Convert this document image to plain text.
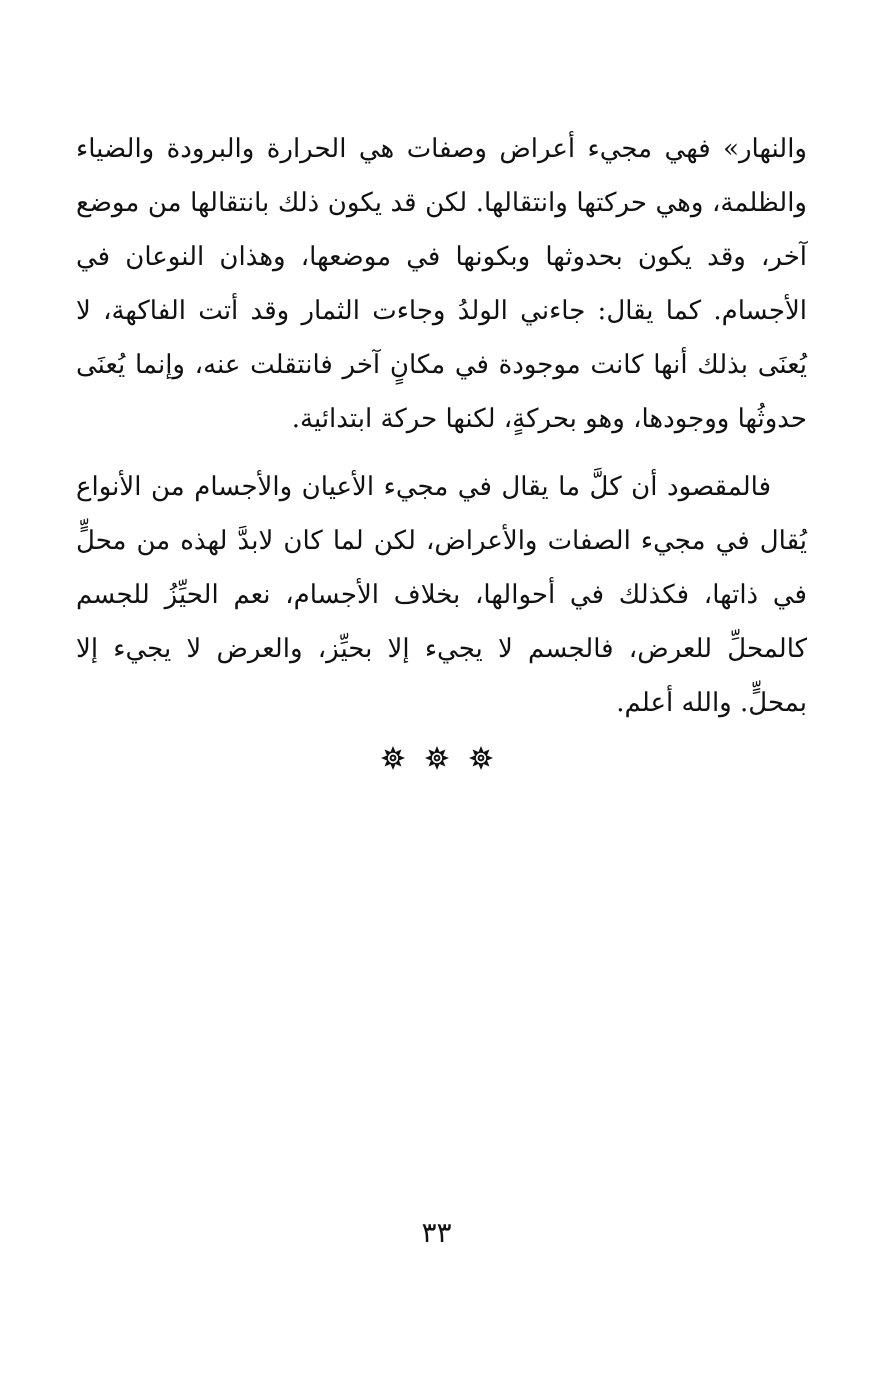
والنهار» فهي مجيء أعراض وصفات هي الحرارة والبرودة والضياء والظلمة، وهي حركتها وانتقالها. لكن قد يكون ذلك بانتقالها من موضع آخر، وقد يكون بحدوثها وبكونها في موضعها، وهذان النوعان في الأجسام. كما يقال: جاءني الولدُ وجاءت الثمار وقد أتت الفاكهة، لا يُعنَى بذلك أنها كانت موجودة في مكانٍ آخر فانتقلت عنه، وإنما يُعنَى حدوثُها ووجودها، وهو بحركةٍ، لكنها حركة ابتدائية.

فالمقصود أن كلَّ ما يقال في مجيء الأعيان والأجسام من الأنواع يُقال في مجيء الصفات والأعراض، لكن لما كان لابدَّ لهذه من محلٍّ في ذاتها، فكذلك في أحوالها، بخلاف الأجسام، نعم الحيِّزُ للجسم كالمحلِّ للعرض، فالجسم لا يجيء إلا بحيِّز، والعرض لا يجيء إلا بمحلٍّ. والله أعلم.

٣٣
